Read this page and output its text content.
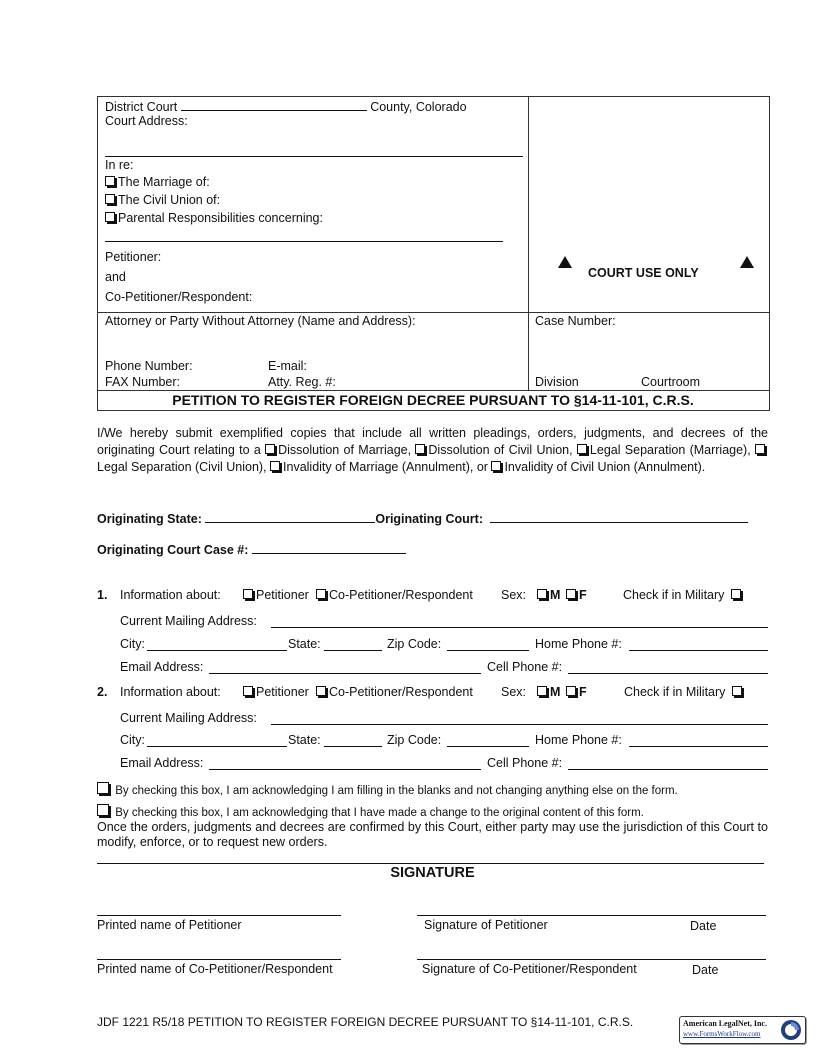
District Court	County, Colorado
Court Address:
In re:
The Marriage of:
The Civil Union of:
Parental Responsibilities concerning:
Petitioner:
and
Co-Petitioner/Respondent:
COURT USE ONLY
Attorney or Party Without Attorney (Name and Address):
Phone Number:	E-mail:
FAX Number:	Atty. Reg. #:
Case Number:
Division	Courtroom
PETITION TO REGISTER FOREIGN DECREE PURSUANT TO §14-11-101, C.R.S.
I/We hereby submit exemplified copies that include all written pleadings, orders, judgments, and decrees of the originating Court relating to a Dissolution of Marriage, Dissolution of Civil Union, Legal Separation (Marriage), Legal Separation (Civil Union), Invalidity of Marriage (Annulment), or Invalidity of Civil Union (Annulment).
Originating State:	Originating Court:
Originating Court Case #:
1. Information about:	Petitioner	Co-Petitioner/Respondent Sex:	M	F	Check if in Military
Current Mailing Address:
City:	State:	Zip Code:	Home Phone #:
Email Address:	Cell Phone #:
2. Information about:	Petitioner	Co-Petitioner/Respondent Sex:	M	F	Check if in Military
Current Mailing Address:
City:	State:	Zip Code:	Home Phone #:
Email Address:	Cell Phone #:
By checking this box, I am acknowledging I am filling in the blanks and not changing anything else on the form.
By checking this box, I am acknowledging that I have made a change to the original content of this form.
Once the orders, judgments and decrees are confirmed by this Court, either party may use the jurisdiction of this Court to modify, enforce, or to request new orders.
SIGNATURE
Printed name of Petitioner	Signature of Petitioner	Date
Printed name of Co-Petitioner/Respondent	Signature of Co-Petitioner/Respondent	Date
JDF 1221 R5/18 PETITION TO REGISTER FOREIGN DECREE PURSUANT TO §14-11-101, C.R.S.	American LegalNet, Inc.
www.FormsWorkFlow.com
